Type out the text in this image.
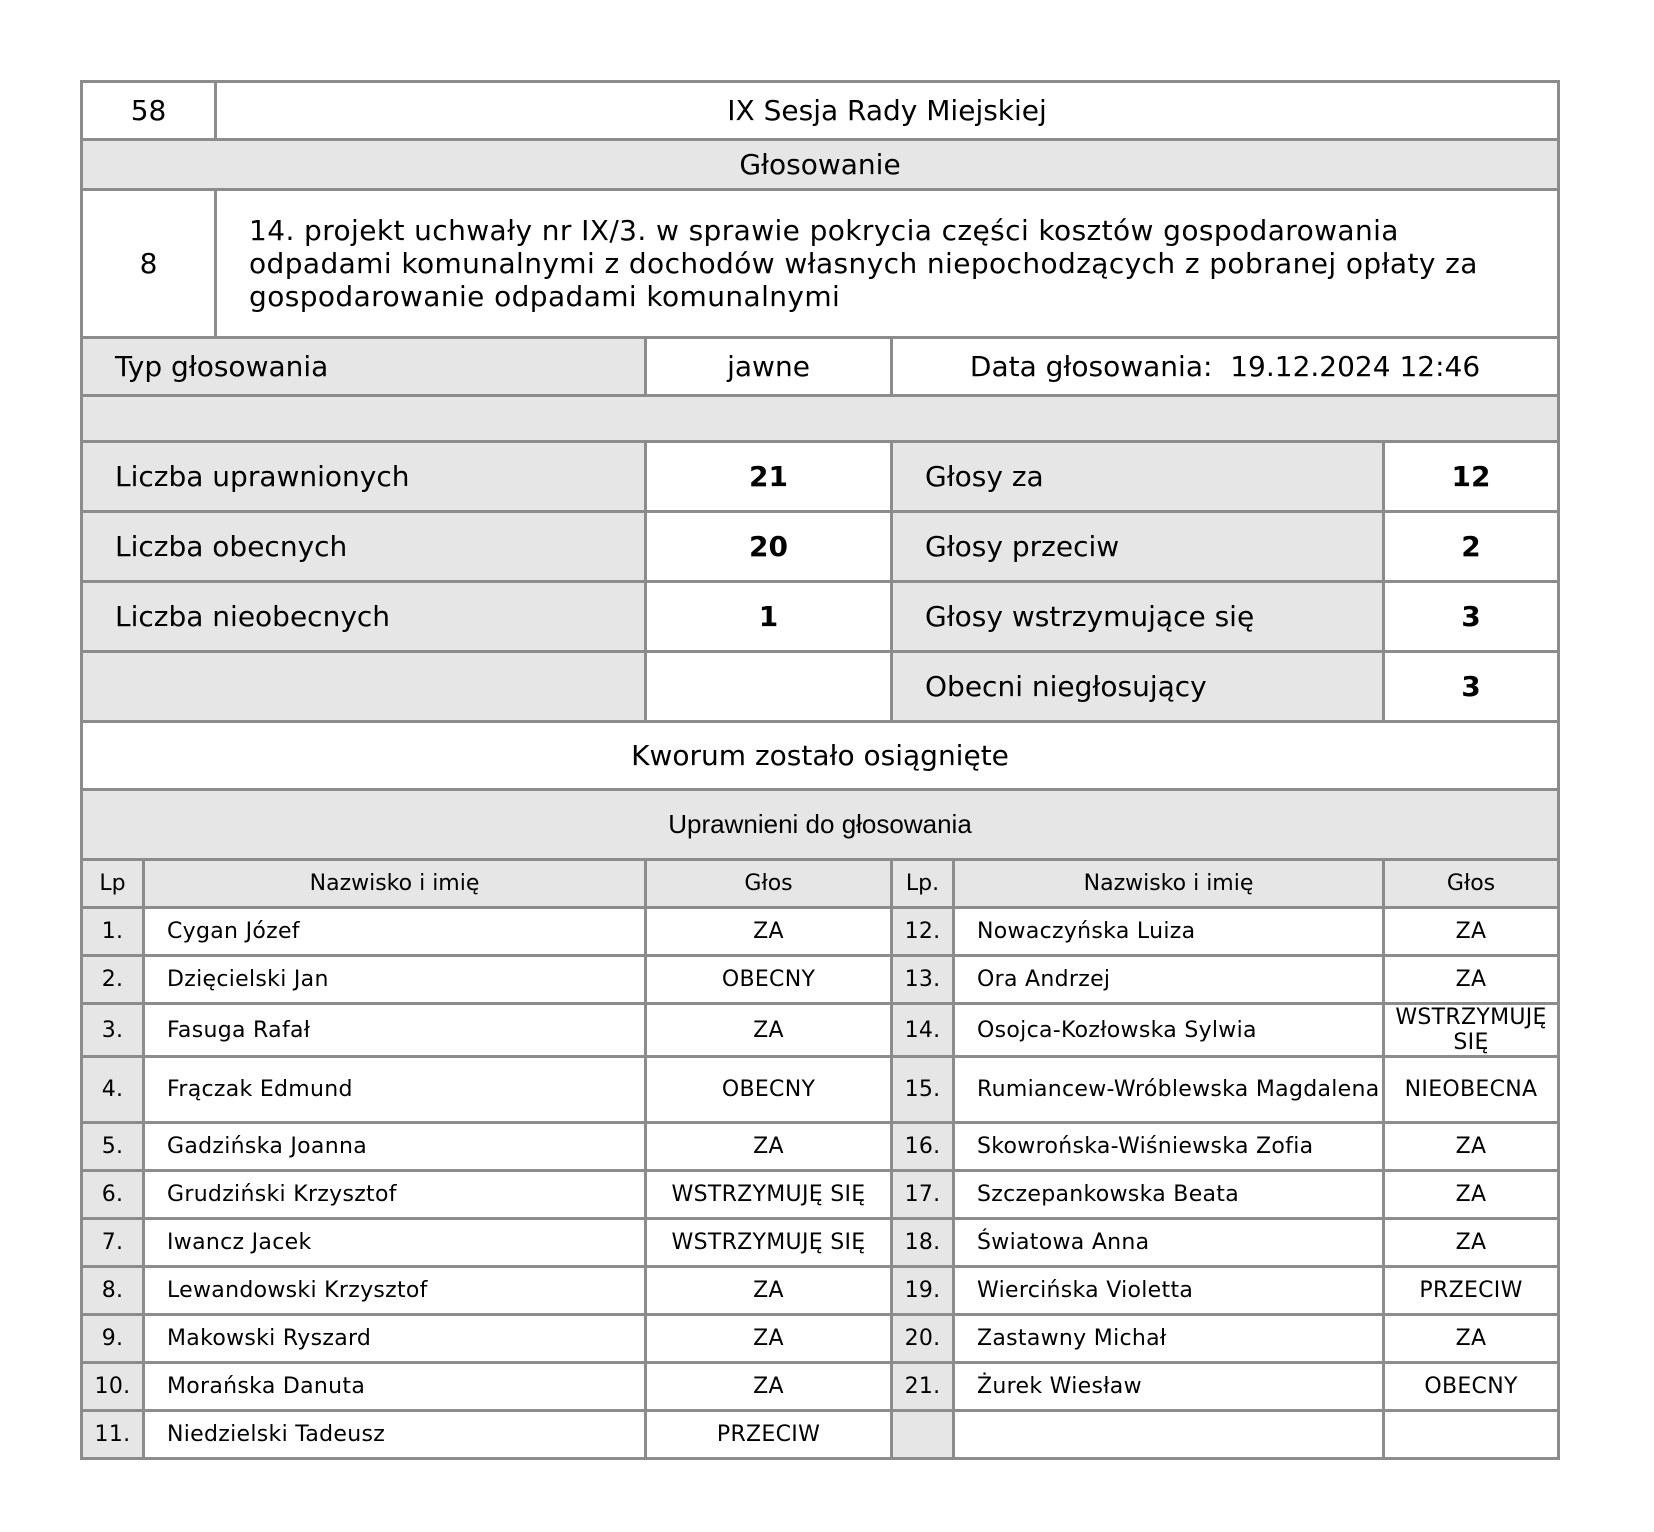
58		IX Sesja Rady Miejskiej				
Głosowanie						
8		14. projekt uchwały nr IX/3. w sprawie pokrycia części kosztów gospodarowania odpadami komunalnymi z dochodów własnych niepochodzących z pobranej opłaty za gospodarowanie odpadami komunalnymi				
Typ głosowania			jawne	Data głosowania: 19.12.2024 12:46		

Liczba uprawnionych			21	Głosy za		12
Liczba obecnych			20	Głosy przeciw		2
Liczba nieobecnych			1	Głosy wstrzymujące się		3
				Obecni niegłosujący		3
Kworum zostało osiągnięte						
Uprawnieni do głosowania						
Lp	Nazwisko i imię		Głos	Lp.	Nazwisko i imię	Głos
1.	Cygan Józef		ZA	12.	Nowaczyńska Luiza	ZA
2.	Dzięcielski Jan		OBECNY	13.	Ora Andrzej	ZA
3.	Fasuga Rafał		ZA	14.	Osojca-Kozłowska Sylwia	WSTRZYMUJĘ SIĘ
4.	Frączak Edmund		OBECNY	15.	Rumiancew-Wróblewska Magdalena	NIEOBECNA
5.	Gadzińska Joanna		ZA	16.	Skowrońska-Wiśniewska Zofia	ZA
6.	Grudziński Krzysztof		WSTRZYMUJĘ SIĘ	17.	Szczepankowska Beata	ZA
7.	Iwancz Jacek		WSTRZYMUJĘ SIĘ	18.	Światowa Anna	ZA
8.	Lewandowski Krzysztof		ZA	19.	Wiercińska Violetta	PRZECIW
9.	Makowski Ryszard		ZA	20.	Zastawny Michał	ZA
10.	Morańska Danuta		ZA	21.	Żurek Wiesław	OBECNY
11.	Niedzielski Tadeusz		PRZECIW			
